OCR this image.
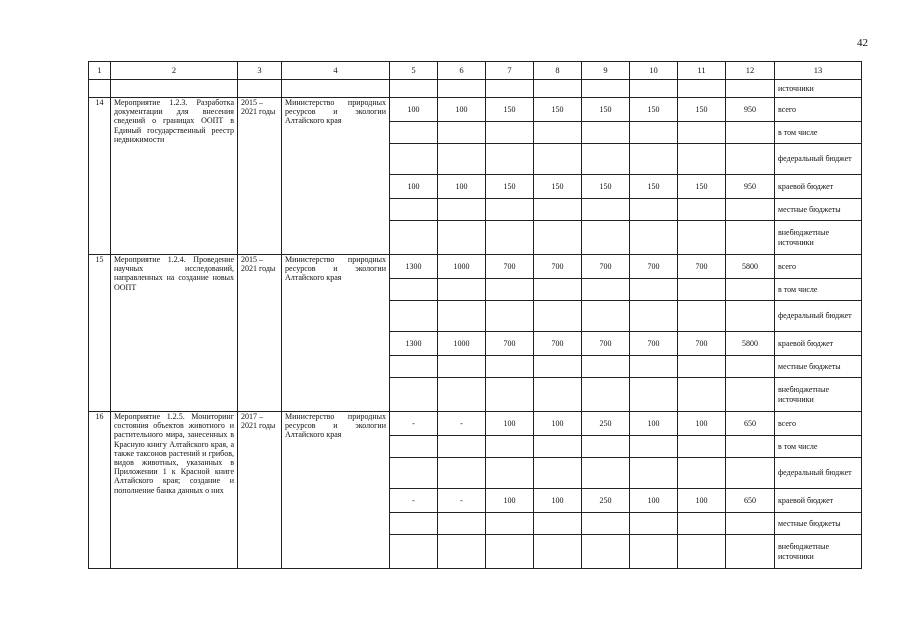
42
1	2	3	4	5	6	7	8	9	10	11	12	13
												источники
14	Мероприятие 1.2.3. Разработка документации для внесения сведений о границах ООПТ в Единый государственный реестр недвижимости	2015 – 2021 годы	Министерство природных ресурсов и экологии Алтайского края	100	100	150	150	150	150	150	950	всего
												в том числе
												федеральный бюджет
				100	100	150	150	150	150	150	950	краевой бюджет
												местные бюджеты
												внебюджетные источники
15	Мероприятие 1.2.4. Проведение научных исследований, направленных на создание новых ООПТ	2015 – 2021 годы	Министерство природных ресурсов и экологии Алтайского края	1300	1000	700	700	700	700	700	5800	всего
												в том числе
												федеральный бюджет
				1300	1000	700	700	700	700	700	5800	краевой бюджет
												местные бюджеты
												внебюджетные источники
16	Мероприятие 1.2.5. Мониторинг состояния объектов животного и растительного мира, занесенных в Красную книгу Алтайского края, а также таксонов растений и грибов, видов животных, указанных в Приложении 1 к Красной книге Алтайского края; создание и пополнение банка данных о них	2017 – 2021 годы	Министерство природных ресурсов и экологии Алтайского края	-	-	100	100	250	100	100	650	всего
												в том числе
												федеральный бюджет
				-	-	100	100	250	100	100	650	краевой бюджет
												местные бюджеты
												внебюджетные источники
